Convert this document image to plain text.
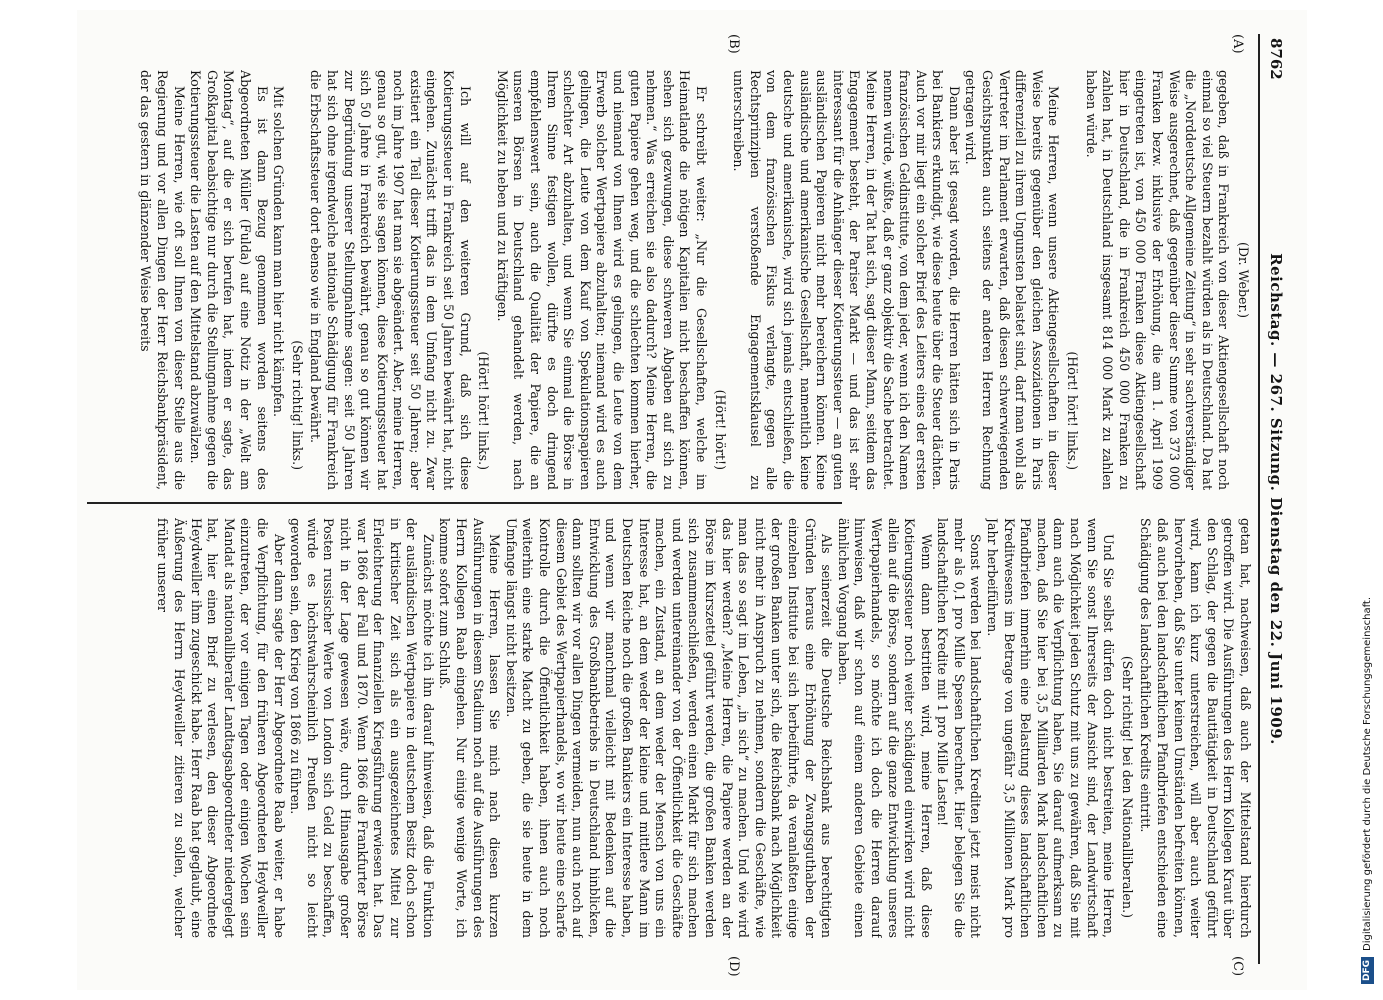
8762
Reichstag. — 267. Sitzung. Dienstag den 22. Juni 1909.
(A)
(B)
(C)
(D)

(Dr. Weber.)

gegeben, daß in Frankreich von dieser Aktiengesellschaft noch einmal so viel Steuern bezahlt würden als in Deutschland. Da hat die „Norddeutsche Allgemeine Zeitung“ in sehr sachverständiger Weise ausgerechnet, daß gegenüber dieser Summe von 373 000 Franken bezw. inklusive der Erhöhung, die am 1. April 1909 eingetreten ist, von 450 000 Franken diese Aktiengesellschaft hier in Deutschland, die in Frankreich 450 000 Franken zu zahlen hat, in Deutschland insgesamt 814 000 Mark zu zahlen haben würde.

(Hört! hört! links.)

Meine Herren, wenn unsere Aktiengesellschaften in dieser Weise bereits gegenüber den gleichen Assoziationen in Paris differenziell zu ihrem Ungunsten belastet sind, darf man wohl als Vertreter im Parlament erwarten, daß diesen schwerwiegenden Gesichtspunkten auch seitens der anderen Herren Rechnung getragen wird.

Dann aber ist gesagt worden, die Herren hätten sich in Paris bei Bankiers erkundigt, wie diese heute über die Steuer dächten. Auch vor mir liegt ein solcher Brief des Leiters eines der ersten französischen Geldinstitute, von dem jeder, wenn ich den Namen nennen würde, wüßte, daß er ganz objektiv die Sache betrachtet. Meine Herren, in der Tat hat sich, sagt dieser Mann, seitdem das Engagement besteht, der Pariser Markt — und das ist sehr interessant für die Anhänger dieser Kotierungssteuer — an guten ausländischen Papieren nicht mehr bereichern können. Keine ausländische und amerikanische Gesellschaft, namentlich keine deutsche und amerikanische, wird sich jemals entschließen, die von dem französischen Fiskus verlangte, gegen alle Rechtsprinzipien verstoßende Engagementsklausel zu unterschreiben.

(Hört! hört!)

Er schreibt weiter: „Nur die Gesellschaften, welche im Heimatlande die nötigen Kapitalien nicht beschaffen können, sehen sich gezwungen, diese schweren Abgaben auf sich zu nehmen.“ Was erreichen sie also dadurch? Meine Herren, die guten Papiere gehen weg, und die schlechten kommen hierher, und niemand von Ihnen wird es gelingen, die Leute von dem Erwerb solcher Wertpapiere abzuhalten; niemand wird es auch gelingen, die Leute von dem Kauf von Spekulationspapieren schlechter Art abzuhalten, und wenn Sie einmal die Börse in Ihrem Sinne festigen wollen, dürfte es doch dringend empfehlenswert sein, auch die Qualität der Papiere, die an unseren Börsen in Deutschland gehandelt werden, nach Möglichkeit zu heben und zu kräftigen.

(Hört! hört! links.)

Ich will auf den weiteren Grund, daß sich diese Kotierungssteuer in Frankreich seit 50 Jahren bewährt hat, nicht eingehen. Zunächst trifft das in dem Umfang nicht zu. Zwar existiert ein Teil dieser Kotierungssteuer seit 50 Jahren; aber noch im Jahre 1907 hat man sie abgeändert. Aber, meine Herren, genau so gut, wie sie sagen können, diese Kotierungssteuer hat sich 50 Jahre in Frankreich bewährt, genau so gut können wir zur Begründung unserer Stellungnahme sagen: seit 50 Jahren hat sich ohne irgendwelche nationale Schädigung für Frankreich die Erbschaftssteuer dort ebenso wie in England bewährt.

(Sehr richtig! links.)

Mit solchen Gründen kann man hier nicht kämpfen.

Es ist dann Bezug genommen worden seitens des Abgeordneten Müller (Fulda) auf eine Notiz in der „Welt am Montag“, auf die er sich berufen hat, indem er sagte, das Großkapital beabsichtige nur durch die Stellungnahme gegen die Kotierungssteuer die Lasten auf den Mittelstand abzuwälzen.

Meine Herren, wie oft soll Ihnen von dieser Stelle aus die Regierung und vor allen Dingen der Herr Reichsbankpräsident, der das gestern in glänzender Weise bereits

getan hat, nachweisen, daß auch der Mittelstand hierdurch getroffen wird. Die Ausführungen des Herrn Kollegen Kraut über den Schlag, der gegen die Bauttätigkeit in Deutschland geführt wird, kann ich kurz unterstreichen, will aber auch weiter hervorheben, daß Sie unter keinen Umständen befreiten können, daß auch bei den landschaftlichen Pfandbriefen entschieden eine Schädigung des landschaftlichen Kredits eintritt.

(Sehr richtig! bei den Nationalliberalen.)

Und Sie selbst dürfen doch nicht bestreiten, meine Herren, wenn Sie sonst Ihrerseits der Ansicht sind, der Landwirtschaft nach Möglichkeit jeden Schutz mit uns zu gewähren, daß Sie mit dann auch die Verpflichtung haben, Sie darauf aufmerksam zu machen, daß Sie hier bei 3,5 Milliarden Mark landschaftlichen Pfandbriefen immerhin eine Belastung dieses landschaftlichen Kreditwesens im Betrage von ungefähr 3,5 Millionen Mark pro Jahr herbeiführen.

Sonst werden bei landschaftlichen Krediten jetzt meist nicht mehr als 0,1 pro Mille Spesen berechnet. Hier belegen Sie die landschaftlichen Kredite mit 1 pro Mille Lasten!

Wenn dann bestritten wird, meine Herren, daß diese Kotierungssteuer noch weiter schädigend einwirken wird nicht allein auf die Börse, sondern auf die ganze Entwicklung unseres Wertpapierhandels, so möchte ich doch die Herren darauf hinweisen, daß wir schon auf einem anderen Gebiete einen ähnlichen Vorgang haben.

Als seinerzeit die Deutsche Reichsbank aus berechtigten Gründen heraus eine Erhöhung der Zwangsguthaben der einzelnen Institute bei sich herbeiführte, da veranlaßten einige der großen Banken unter sich, die Reichsbank nach Möglichkeit nicht mehr in Anspruch zu nehmen, sondern die Geschäfte, wie man das so sagt im Leben, „in sich“ zu machen. Und wie wird das hier werden? „Meine Herren, die Papiere werden an der Börse im Kurszettel geführt werden, die großen Banken werden sich zusammenschließen, werden einen Markt für sich machen und werden untereinander von der Öffentlichkeit die Geschäfte machen, ein Zustand, an dem weder der Mensch von uns ein Interesse hat, an dem weder der kleine und mittlere Mann im Deutschen Reiche noch die großen Bankiers ein Interesse haben, und wenn wir manchmal vielleicht mit Bedenken auf die Entwicklung des Großbankbetriebs in Deutschland hinblicken, dann sollten wir vor allen Dingen vermeiden, nun auch noch auf diesem Gebiet des Wertpapierhandels, wo wir heute eine scharfe Kontrolle durch die Öffentlichkeit haben, ihnen auch noch weiterhin eine starke Macht zu geben, die sie heute in dem Umfange längst nicht besitzen.

Meine Herren, lassen Sie mich nach diesen kurzen Ausführungen in diesem Stadium noch auf die Ausführungen des Herrn Kollegen Raab eingehen. Nur einige wenige Worte, ich komme sofort zum Schluß.

Zunächst möchte ich ihn darauf hinweisen, daß die Funktion der ausländischen Wertpapiere in deutschem Besitz doch schon in kritischer Zeit sich als ein ausgezeichnetes Mittel zur Erleichterung der finanziellen Kriegsführung erwiesen hat. Das war 1866 der Fall und 1870. Wenn 1866 die Frankfurter Börse nicht in der Lage gewesen wäre, durch Hinausgabe großer Posten russischer Werte von London sich Geld zu beschaffen, würde es höchstwahrscheinlich Preußen nicht so leicht geworden sein, den Krieg von 1866 zu führen.

Aber dann sagte der Herr Abgeordnete Raab weiter, er habe die Verpflichtung, für den früheren Abgeordneten Heydweiller einzutreten, der vor einigen Tagen oder einigen Wochen sein Mandat als nationalliberaler Landtagsabgeordneter niedergelegt hat, hier einen Brief zu verlesen, den dieser Abgeordnete Heydweiller ihm zugeschickt habe. Herr Raab hat geglaubt, eine Äußerung des Herrn Heydweiller zitieren zu sollen, welcher früher unserer

DFGDigitalisierung gefördert durch die Deutsche Forschungsgemeinschaft.
